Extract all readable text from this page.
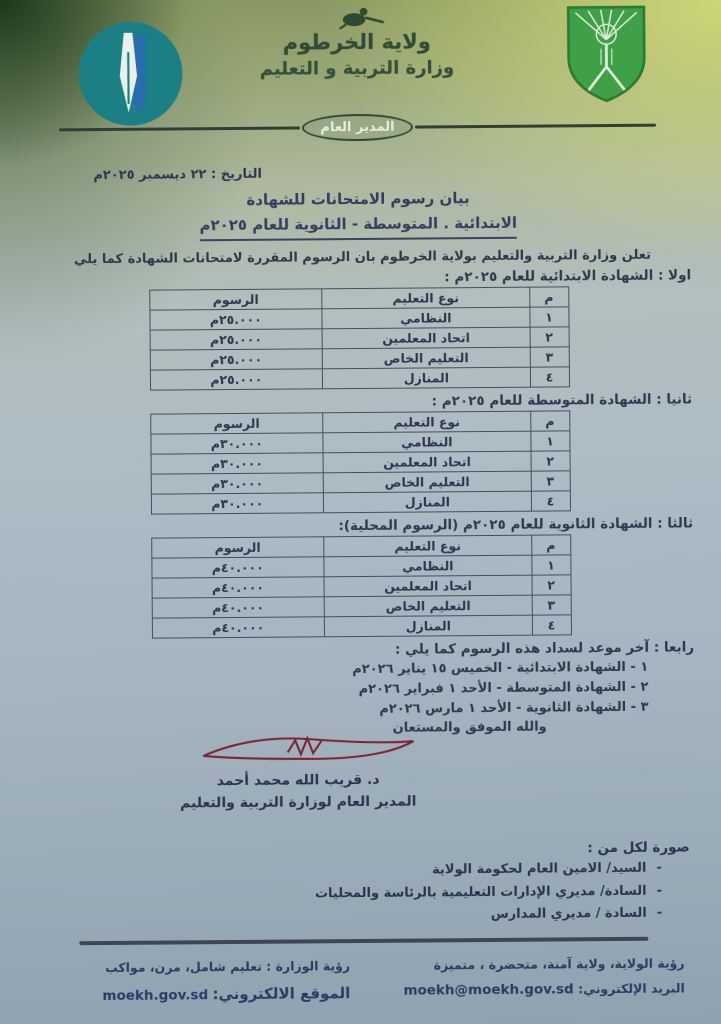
ولاية الخرطوم
وزارة التربية و التعليم
المدير العام
التاريخ : ٢٢ ديسمبر ٢٠٢٥م
بيان رسوم الامتحانات للشهادة
الابتدائية . المتوسطة - الثانوية للعام ٢٠٢٥م
تعلن وزارة التربية والتعليم بولاية الخرطوم بان الرسوم المقررة لامتحانات الشهادة كما يلي
اولا : الشهادة الابتدائية للعام ٢٠٢٥م :
م	نوع التعليم	الرسوم
١	النظامي	٢٥.٠٠٠م
٢	اتحاد المعلمين	٢٥.٠٠٠م
٣	التعليم الخاص	٢٥.٠٠٠م
٤	المنازل	٢٥.٠٠٠م
ثانيا : الشهادة المتوسطة للعام ٢٠٢٥م :
م	نوع التعليم	الرسوم
١	النظامي	٣٠.٠٠٠م
٢	اتحاد المعلمين	٣٠.٠٠٠م
٣	التعليم الخاص	٣٠.٠٠٠م
٤	المنازل	٣٠.٠٠٠م
ثالثا : الشهادة الثانوية للعام ٢٠٢٥م (الرسوم المحلية):
م	نوع التعليم	الرسوم
١	النظامي	٤٠.٠٠٠م
٢	اتحاد المعلمين	٤٠.٠٠٠م
٣	التعليم الخاص	٤٠.٠٠٠م
٤	المنازل	٤٠.٠٠٠م
رابعا : آخر موعد لسداد هذه الرسوم كما يلي :
١ - الشهادة الابتدائية - الخميس ١٥ يناير ٢٠٢٦م
٢ - الشهادة المتوسطة - الأحد ١ فبراير ٢٠٢٦م
٣ - الشهادة الثانوية - الأحد ١ مارس ٢٠٢٦م
والله الموفق والمستعان
د. قريب الله محمد أحمد
المدير العام لوزارة التربية والتعليم
صورة لكل من :
-السيد/ الامين العام لحكومة الولاية
-السادة/ مديري الإدارات التعليمية بالرئاسة والمحليات
-السادة / مديري المدارس
رؤية الولاية، ولاية آمنة، متحضرة ، متميزة
البريد الإلكتروني: moekh@moekh.gov.sd
رؤية الوزارة : تعليم شامل، مرن، مواكب
الموقع الالكتروني: moekh.gov.sd
